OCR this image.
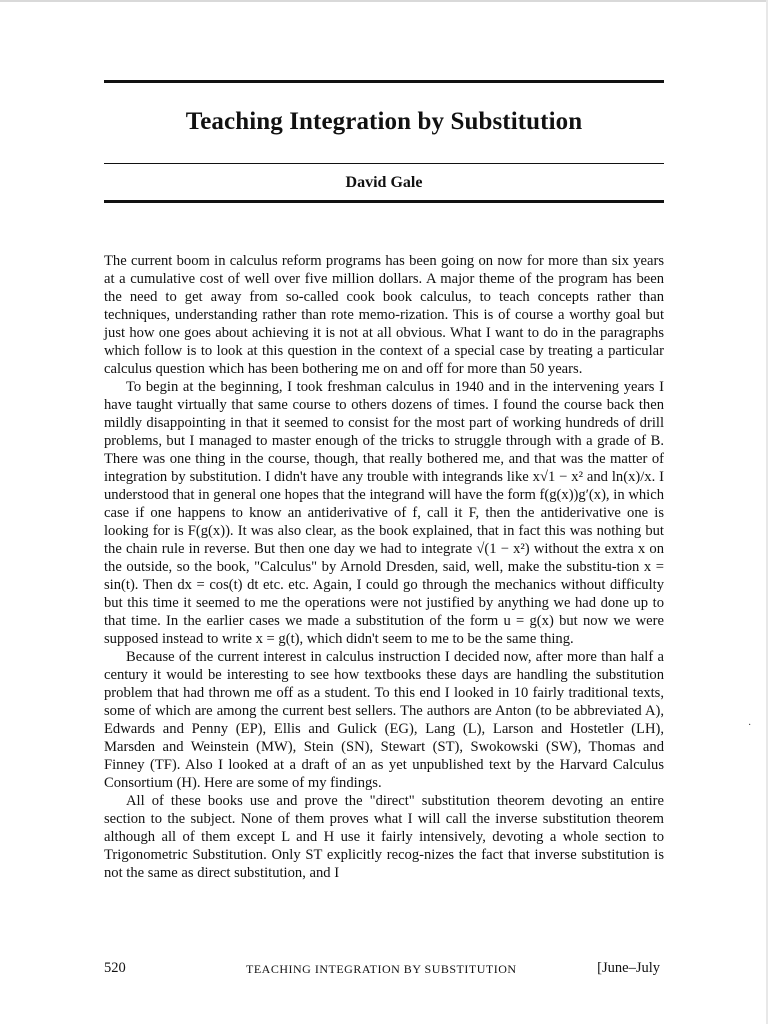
Teaching Integration by Substitution
David Gale

The current boom in calculus reform programs has been going on now for more than six years at a cumulative cost of well over five million dollars. A major theme of the program has been the need to get away from so-called cook book calculus, to teach concepts rather than techniques, understanding rather than rote memo-rization. This is of course a worthy goal but just how one goes about achieving it is not at all obvious. What I want to do in the paragraphs which follow is to look at this question in the context of a special case by treating a particular calculus question which has been bothering me on and off for more than 50 years.

To begin at the beginning, I took freshman calculus in 1940 and in the intervening years I have taught virtually that same course to others dozens of times. I found the course back then mildly disappointing in that it seemed to consist for the most part of working hundreds of drill problems, but I managed to master enough of the tricks to struggle through with a grade of B. There was one thing in the course, though, that really bothered me, and that was the matter of integration by substitution. I didn't have any trouble with integrands like x√1 − x² and ln(x)/x. I understood that in general one hopes that the integrand will have the form f(g(x))g′(x), in which case if one happens to know an antiderivative of f, call it F, then the antiderivative one is looking for is F(g(x)). It was also clear, as the book explained, that in fact this was nothing but the chain rule in reverse. But then one day we had to integrate √(1 − x²) without the extra x on the outside, so the book, "Calculus" by Arnold Dresden, said, well, make the substitu-tion x = sin(t). Then dx = cos(t) dt etc. etc. Again, I could go through the mechanics without difficulty but this time it seemed to me the operations were not justified by anything we had done up to that time. In the earlier cases we made a substitution of the form u = g(x) but now we were supposed instead to write x = g(t), which didn't seem to me to be the same thing.

Because of the current interest in calculus instruction I decided now, after more than half a century it would be interesting to see how textbooks these days are handling the substitution problem that had thrown me off as a student. To this end I looked in 10 fairly traditional texts, some of which are among the current best sellers. The authors are Anton (to be abbreviated A), Edwards and Penny (EP), Ellis and Gulick (EG), Lang (L), Larson and Hostetler (LH), Marsden and Weinstein (MW), Stein (SN), Stewart (ST), Swokowski (SW), Thomas and Finney (TF). Also I looked at a draft of an as yet unpublished text by the Harvard Calculus Consortium (H). Here are some of my findings.

All of these books use and prove the "direct" substitution theorem devoting an entire section to the subject. None of them proves what I will call the inverse substitution theorem although all of them except L and H use it fairly intensively, devoting a whole section to Trigonometric Substitution. Only ST explicitly recog-nizes the fact that inverse substitution is not the same as direct substitution, and I

·
520	TEACHING INTEGRATION BY SUBSTITUTION	[June–July
